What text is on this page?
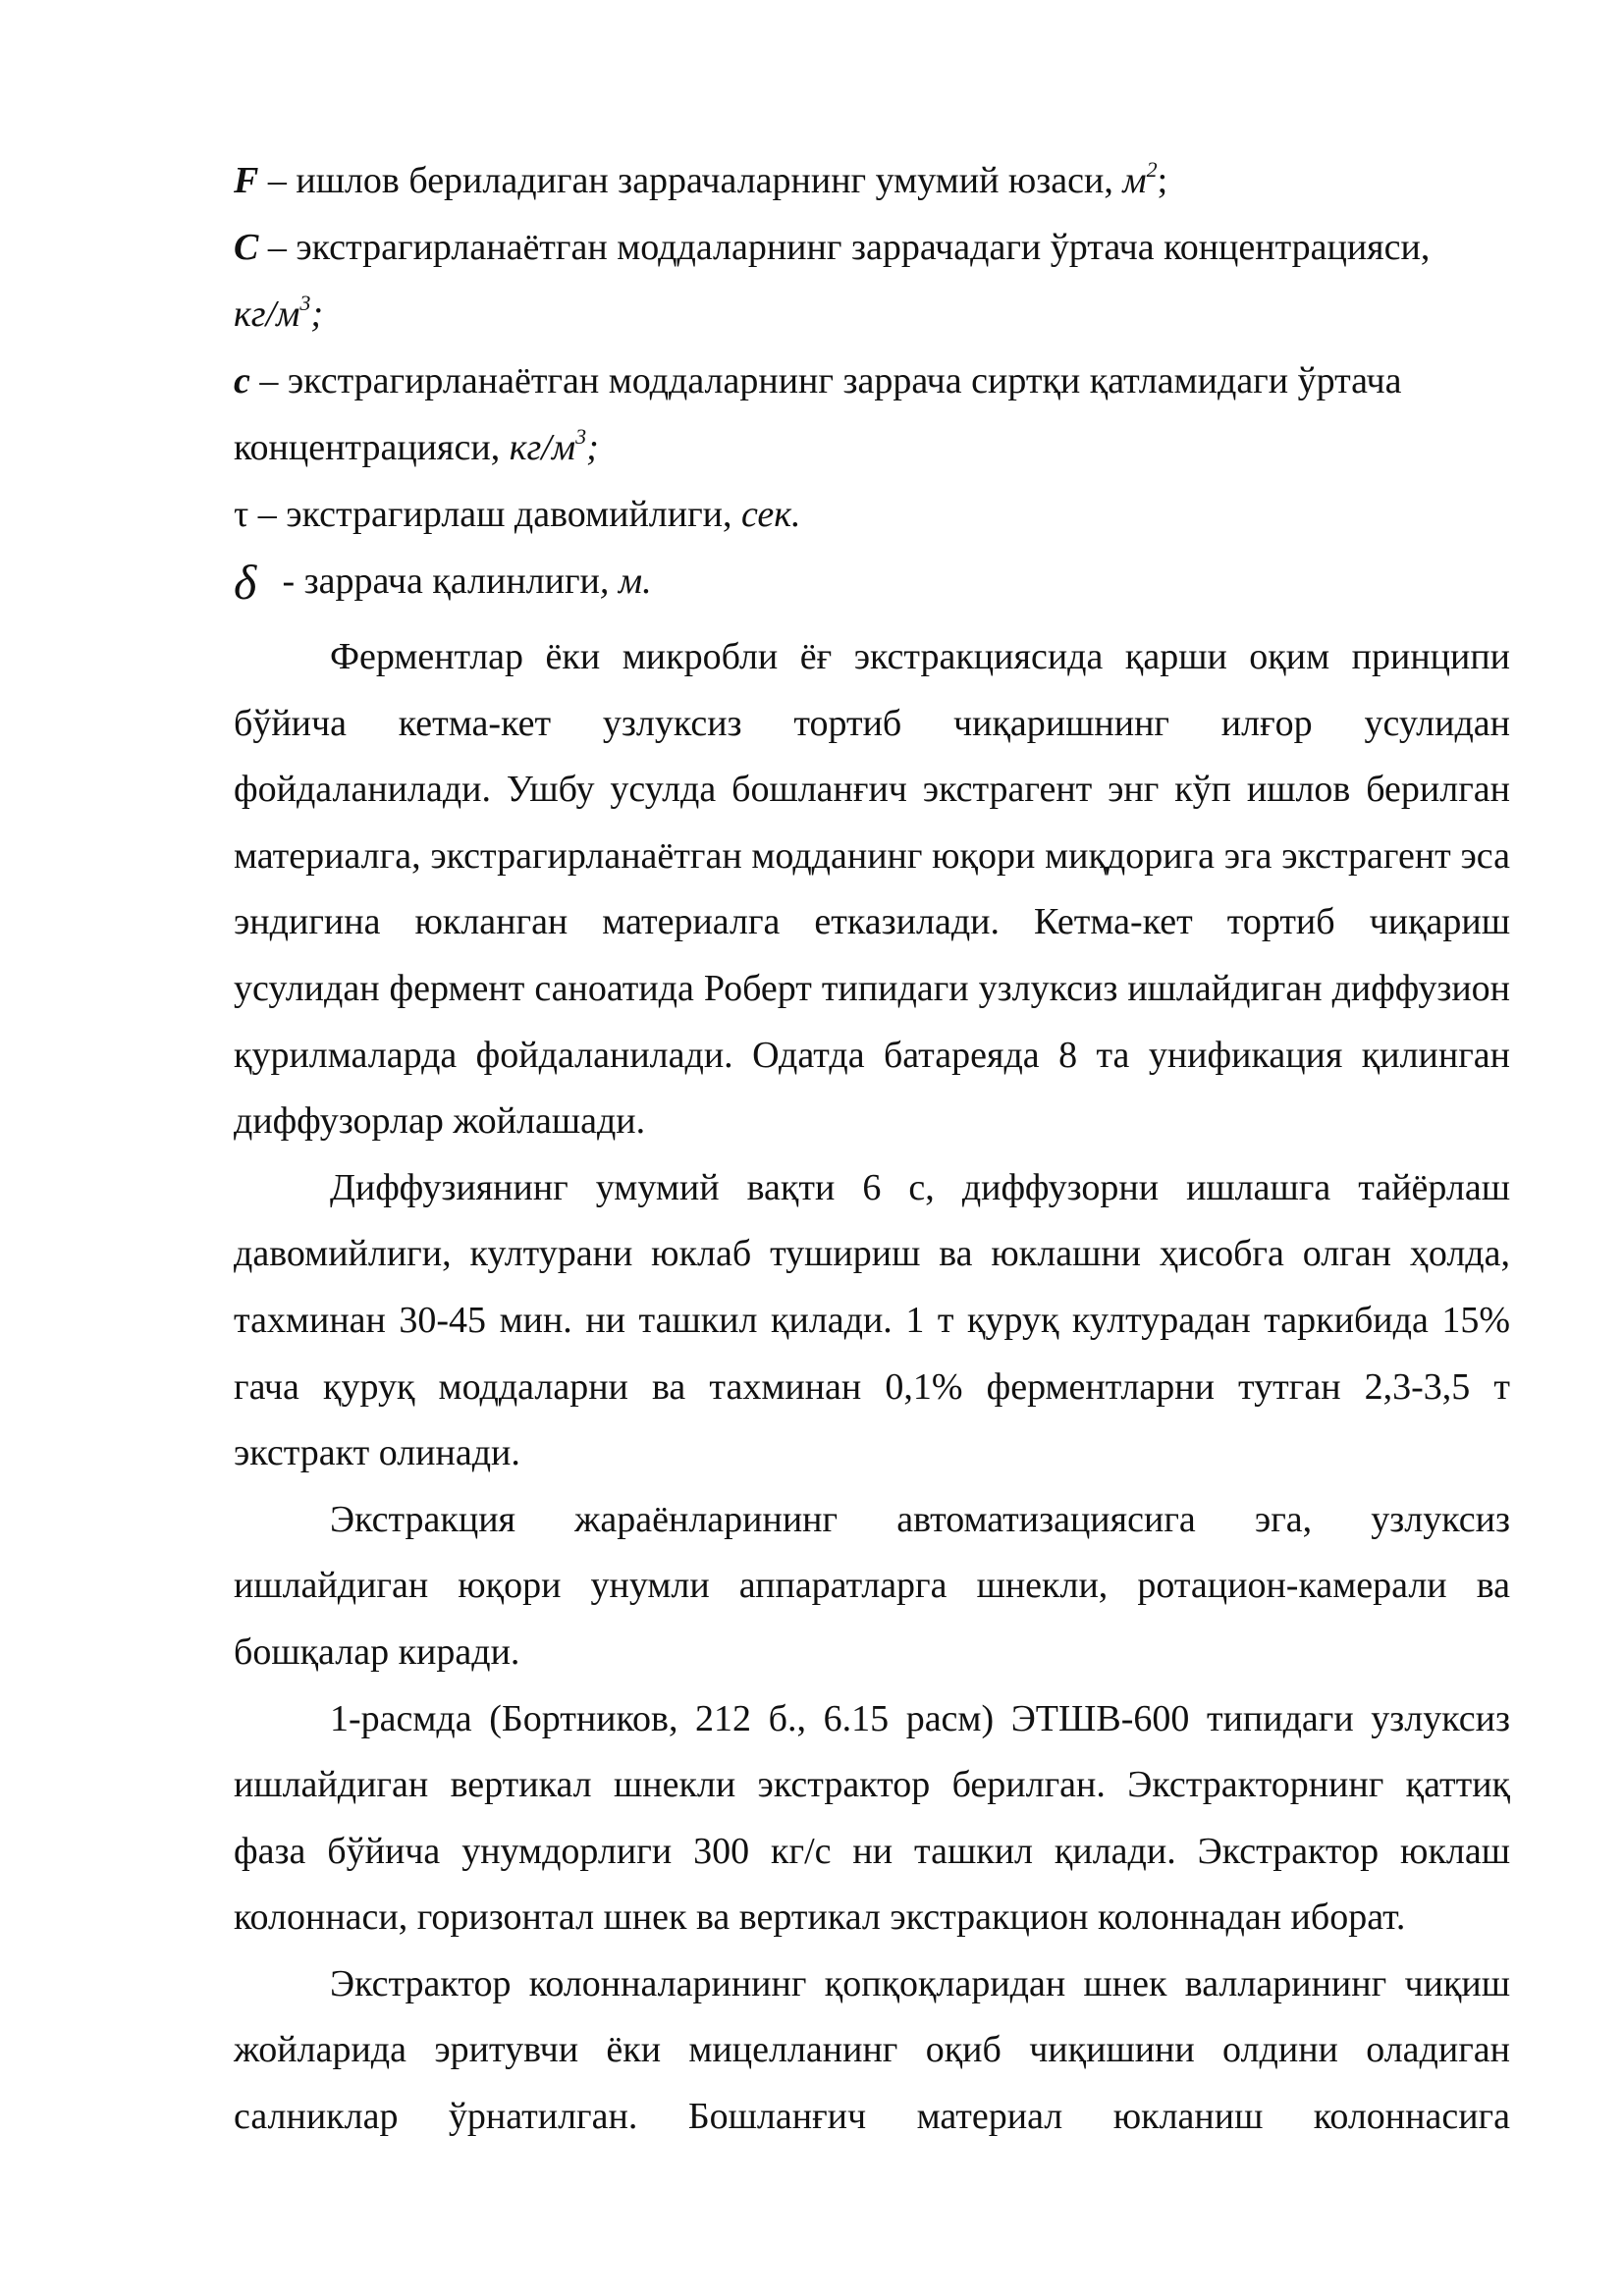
F – ишлов бериладиган заррачаларнинг умумий юзаси, $м^2$;
C – экстрагирланаётган моддаларнинг заррачадаги ўртача концентрацияси,
$кг/м^3$;
c – экстрагирланаётган моддаларнинг заррача сиртқи қатламидаги ўртача
концентрацияси, $кг/м^3$;
τ – экстрагирлаш давомийлиги, сек.
δ - заррача қалинлиги, м.

Ферментлар ёки микробли ёғ экстракциясида қарши оқим принципи бўйича кетма-кет узлуксиз тортиб чиқаришнинг илғор усулидан фойдаланилади. Ушбу усулда бошланғич экстрагент энг кўп ишлов берилган материалга, экстрагирланаётган модданинг юқори миқдорига эга экстрагент эса эндигина юкланган материалга етказилади. Кетма-кет тортиб чиқариш усулидан фермент саноатида Роберт типидаги узлуксиз ишлайдиган диффузион қурилмаларда фойдаланилади. Одатда батареяда 8 та унификация қилинган диффузорлар жойлашади.

Диффузиянинг умумий вақти 6 с, диффузорни ишлашга тайёрлаш давомийлиги, културани юклаб тушириш ва юклашни ҳисобга олган ҳолда, тахминан 30-45 мин. ни ташкил қилади. 1 т қуруқ културадан таркибида 15% гача қуруқ моддаларни ва тахминан 0,1% ферментларни тутган 2,3-3,5 т экстракт олинади.

Экстракция жараёнларининг автоматизациясига эга, узлуксиз ишлайдиган юқори унумли аппаратларга шнекли, ротацион-камерали ва бошқалар киради.

1-расмда (Бортников, 212 б., 6.15 расм) ЭТШВ-600 типидаги узлуксиз ишлайдиган вертикал шнекли экстрактор берилган. Экстракторнинг қаттиқ фаза бўйича унумдорлиги 300 кг/с ни ташкил қилади. Экстрактор юклаш колоннаси, горизонтал шнек ва вертикал экстракцион колоннадан иборат.

Экстрактор колонналарининг қопқоқларидан шнек валларининг чиқиш жойларида эритувчи ёки мицелланинг оқиб чиқишини олдини оладиган салниклар ўрнатилган. Бошланғич материал юкланиш колоннасига
